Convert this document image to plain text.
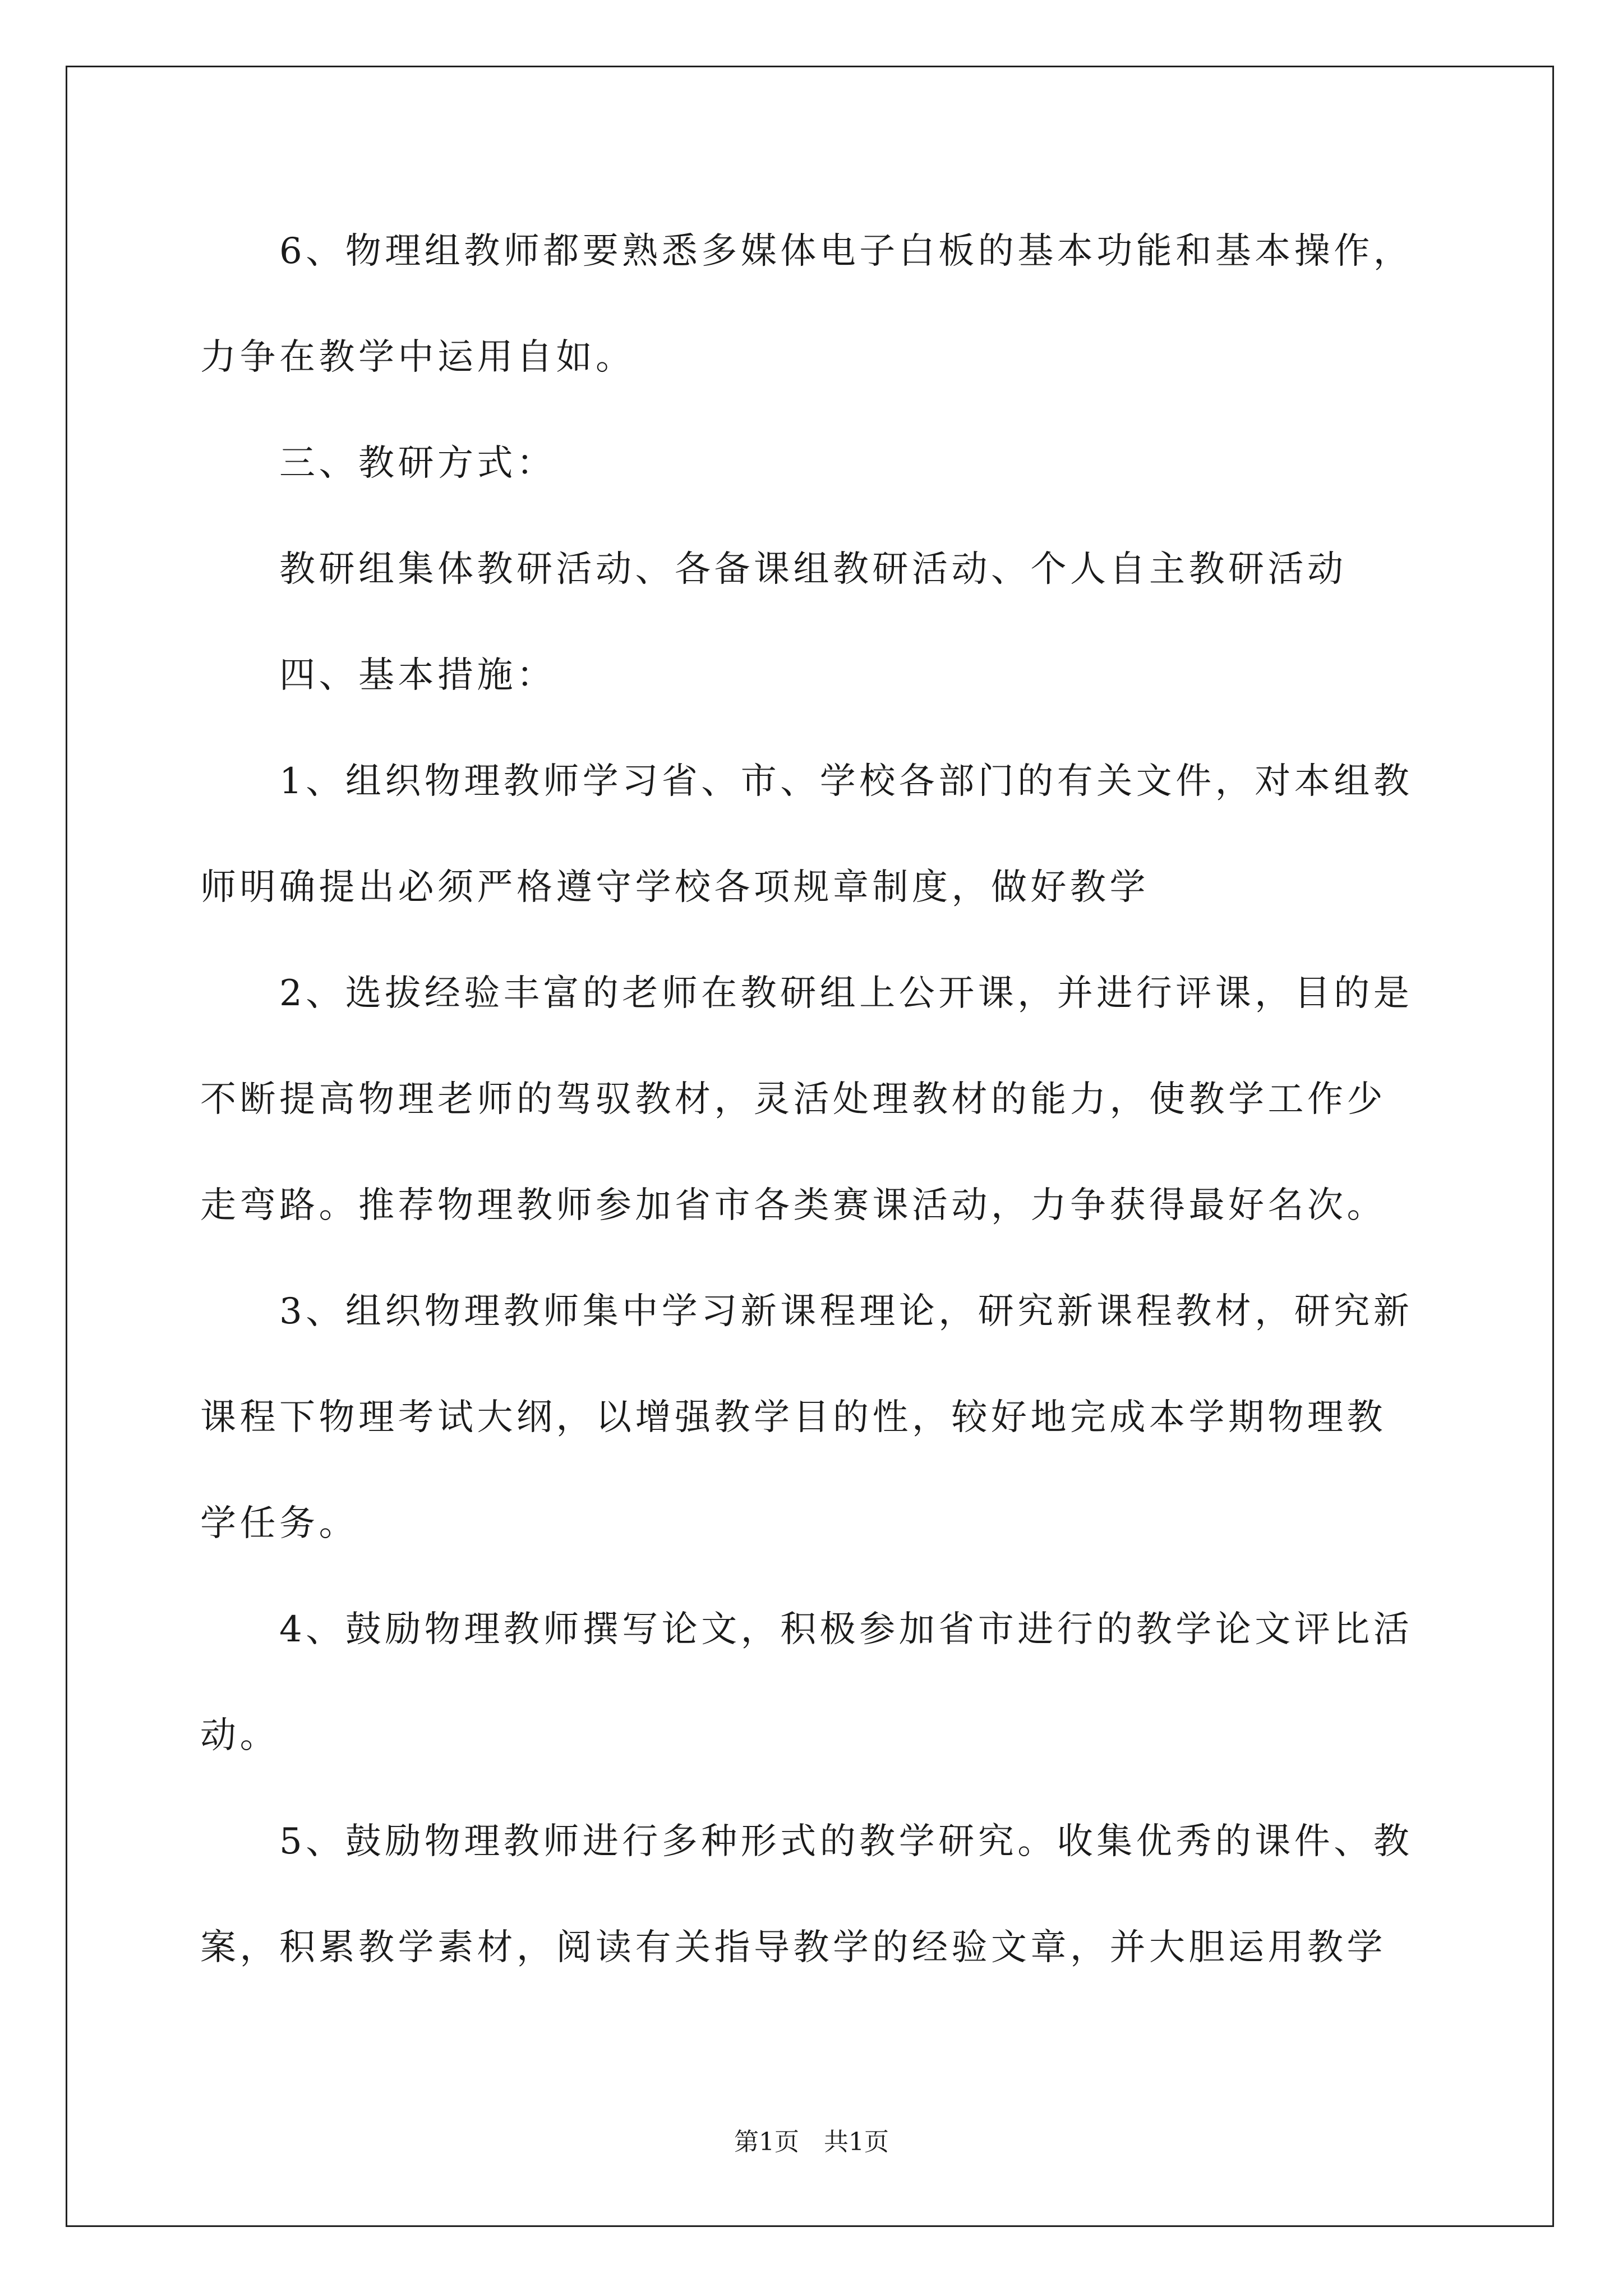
6、物理组教师都要熟悉多媒体电子白板的基本功能和基本操作，
力争在教学中运用自如。
三、教研方式：
教研组集体教研活动、各备课组教研活动、个人自主教研活动
四、基本措施：
1、组织物理教师学习省、市、学校各部门的有关文件，对本组教
师明确提出必须严格遵守学校各项规章制度，做好教学
2、选拔经验丰富的老师在教研组上公开课，并进行评课，目的是
不断提高物理老师的驾驭教材，灵活处理教材的能力，使教学工作少
走弯路。推荐物理教师参加省市各类赛课活动，力争获得最好名次。
3、组织物理教师集中学习新课程理论，研究新课程教材，研究新
课程下物理考试大纲，以增强教学目的性，较好地完成本学期物理教
学任务。
4、鼓励物理教师撰写论文，积极参加省市进行的教学论文评比活
动。
5、鼓励物理教师进行多种形式的教学研究。收集优秀的课件、教
案，积累教学素材，阅读有关指导教学的经验文章，并大胆运用教学
第1页　共1页
